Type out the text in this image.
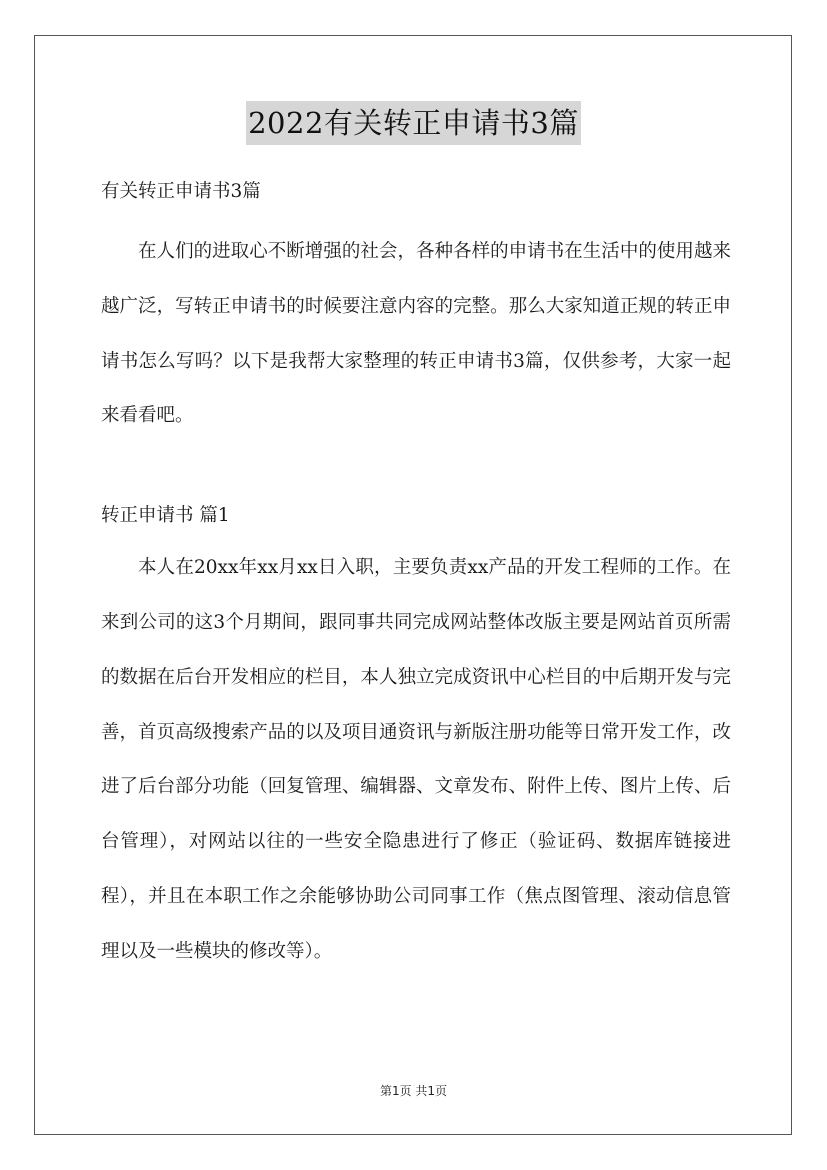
2022有关转正申请书3篇

有关转正申请书3篇

在人们的进取心不断增强的社会，各种各样的申请书在生活中的使用越来越广泛，写转正申请书的时候要注意内容的完整。那么大家知道正规的转正申请书怎么写吗？以下是我帮大家整理的转正申请书3篇，仅供参考，大家一起来看看吧。

转正申请书 篇1

本人在20xx年xx月xx日入职，主要负责xx产品的开发工程师的工作。在来到公司的这3个月期间，跟同事共同完成网站整体改版主要是网站首页所需的数据在后台开发相应的栏目，本人独立完成资讯中心栏目的中后期开发与完善，首页高级搜索产品的以及项目通资讯与新版注册功能等日常开发工作，改进了后台部分功能（回复管理、编辑器、文章发布、附件上传、图片上传、后台管理），对网站以往的一些安全隐患进行了修正（验证码、数据库链接进程），并且在本职工作之余能够协助公司同事工作（焦点图管理、滚动信息管理以及一些模块的修改等）。

第1页 共1页
